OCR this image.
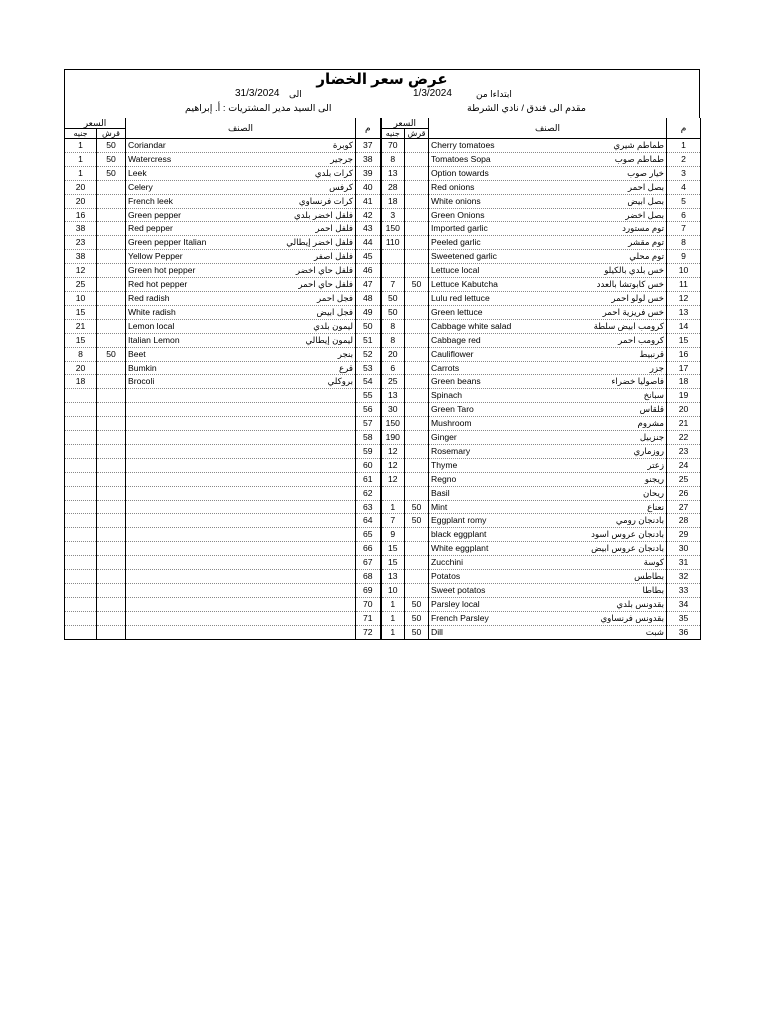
عرض سعر الخضار
1/3/2024	ابتداءا من
31/3/2024 الى
مقدم الى فندق / نادي الشرطة
الى السيد مدير المشتريات : أ. إبراهيم
السعر		الصنف	م	السعر		الصنف	م
جنيه	قرش			جنيه	قرش		
1	50	Coriandar كوبرة	37	70		Cherry tomatoes طماطم شيري	1
1	50	Watercress جرجير	38	8		Tomatoes Sopa طماطم صوب	2
1	50	Leek كرات بلدي	39	13		Option towards خيار صوب	3
20		Celery كرفس	40	28		Red onions بصل احمر	4
20		French leek كرات فرنساوي	41	18		White onions بصل ابيض	5
16		Green pepper فلفل اخضر بلدي	42	3		Green Onions بصل اخضر	6
38		Red pepper فلفل احمر	43	150		Imported garlic توم مستورد	7
23		Green pepper Italian فلفل اخضر إيطالي	44	110		Peeled garlic توم مقشر	8
38		Yellow Pepper فلفل اصفر	45			Sweetened garlic توم محلي	9
12		Green hot pepper فلفل حاي اخضر	46			Lettuce local خس بلدي بالكيلو	10
25		Red hot pepper فلفل حاي احمر	47	7	50	Lettuce Kabutcha خس كابوتشا بالعدد	11
10		Red radish فجل احمر	48	50		Lulu red lettuce خس لولو احمر	12
15		White radish فجل ابيض	49	50		Green lettuce خس فريزية احمر	13
21		Lemon local ليمون بلدي	50	8		Cabbage white salad كرومب ابيض سلطة	14
15		Italian Lemon ليمون إيطالي	51	8		Cabbage red كرومب احمر	15
8	50	Beet بنجر	52	20		Cauliflower قرنبيط	16
20		Bumkin قرع	53	6		Carrots جزر	17
18		Brocoli بروكلي	54	25		Green beans فاصوليا خضراء	18

	55	13		Spinach سبانخ	19

	56	30		Green Taro قلقاس	20

	57	150		Mushroom مشروم	21

	58	190		Ginger جنزبيل	22

	59	12		Rosemary روزماري	23

	60	12		Thyme زعتر	24

	61	12		Regno ريجنو	25

	62			Basil ريحان	26

	63	1	50	Mint نعناع	27

	64	7	50	Eggplant romy بادنجان رومي	28

	65	9		black eggplant بادنجان عروس اسود	29

	66	15		White eggplant بادنجان عروس ابيض	30

	67	15		Zucchini كوسة	31

	68	13		Potatos بطاطس	32

	69	10		Sweet potatos بطاطا	33

	70	1	50	Parsley local بقدونس بلدي	34

	71	1	50	French Parsley بقدونس فرنساوي	35

	72	1	50	Dill شبت	36
